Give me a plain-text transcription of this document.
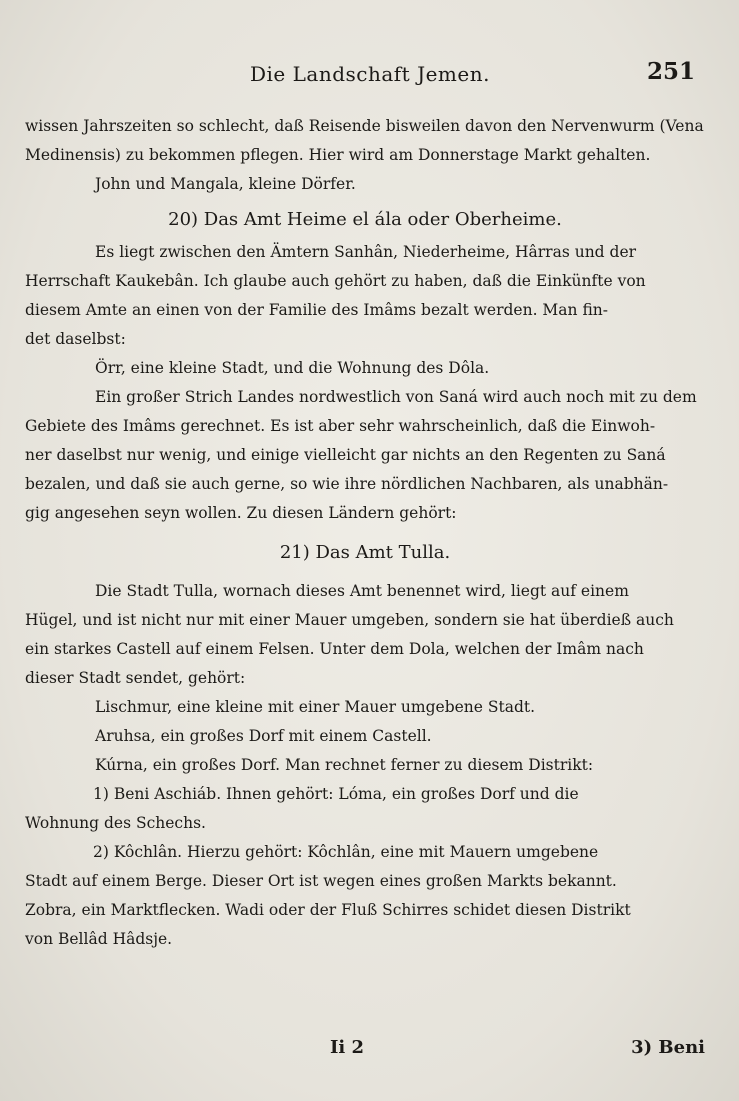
Die Landschaft Jemen.	251
wissen Jahrszeiten so schlecht, daß Reisende bisweilen davon den Nervenwurm (Vena
Medinensis) zu bekommen pflegen. Hier wird am Donnerstage Markt gehalten.
John und Mangala, kleine Dörfer.
20) Das Amt Heime el ála oder Oberheime.
Es liegt zwischen den Ämtern Sanhân, Niederheime, Hârras und der
Herrschaft Kaukebân. Ich glaube auch gehört zu haben, daß die Einkünfte von
diesem Amte an einen von der Familie des Imâms bezalt werden. Man fin-
det daselbst:
Örr, eine kleine Stadt, und die Wohnung des Dôla.
Ein großer Strich Landes nordwestlich von Saná wird auch noch mit zu dem
Gebiete des Imâms gerechnet. Es ist aber sehr wahrscheinlich, daß die Einwoh-
ner daselbst nur wenig, und einige vielleicht gar nichts an den Regenten zu Saná
bezalen, und daß sie auch gerne, so wie ihre nördlichen Nachbaren, als unabhän-
gig angesehen seyn wollen. Zu diesen Ländern gehört:
21) Das Amt Tulla.
Die Stadt Tulla, wornach dieses Amt benennet wird, liegt auf einem
Hügel, und ist nicht nur mit einer Mauer umgeben, sondern sie hat überdieß auch
ein starkes Castell auf einem Felsen. Unter dem Dola, welchen der Imâm nach
dieser Stadt sendet, gehört:
Lischmur, eine kleine mit einer Mauer umgebene Stadt.
Aruhsa, ein großes Dorf mit einem Castell.
Kúrna, ein großes Dorf. Man rechnet ferner zu diesem Distrikt:
1) Beni Aschiáb. Ihnen gehört: Lóma, ein großes Dorf und die
Wohnung des Schechs.
2) Kôchlân. Hierzu gehört: Kôchlân, eine mit Mauern umgebene
Stadt auf einem Berge. Dieser Ort ist wegen eines großen Markts bekannt.
Zobra, ein Marktflecken. Wadi oder der Fluß Schirres schidet diesen Distrikt
von Bellâd Hâdsje.
Ii 2	3) Beni
